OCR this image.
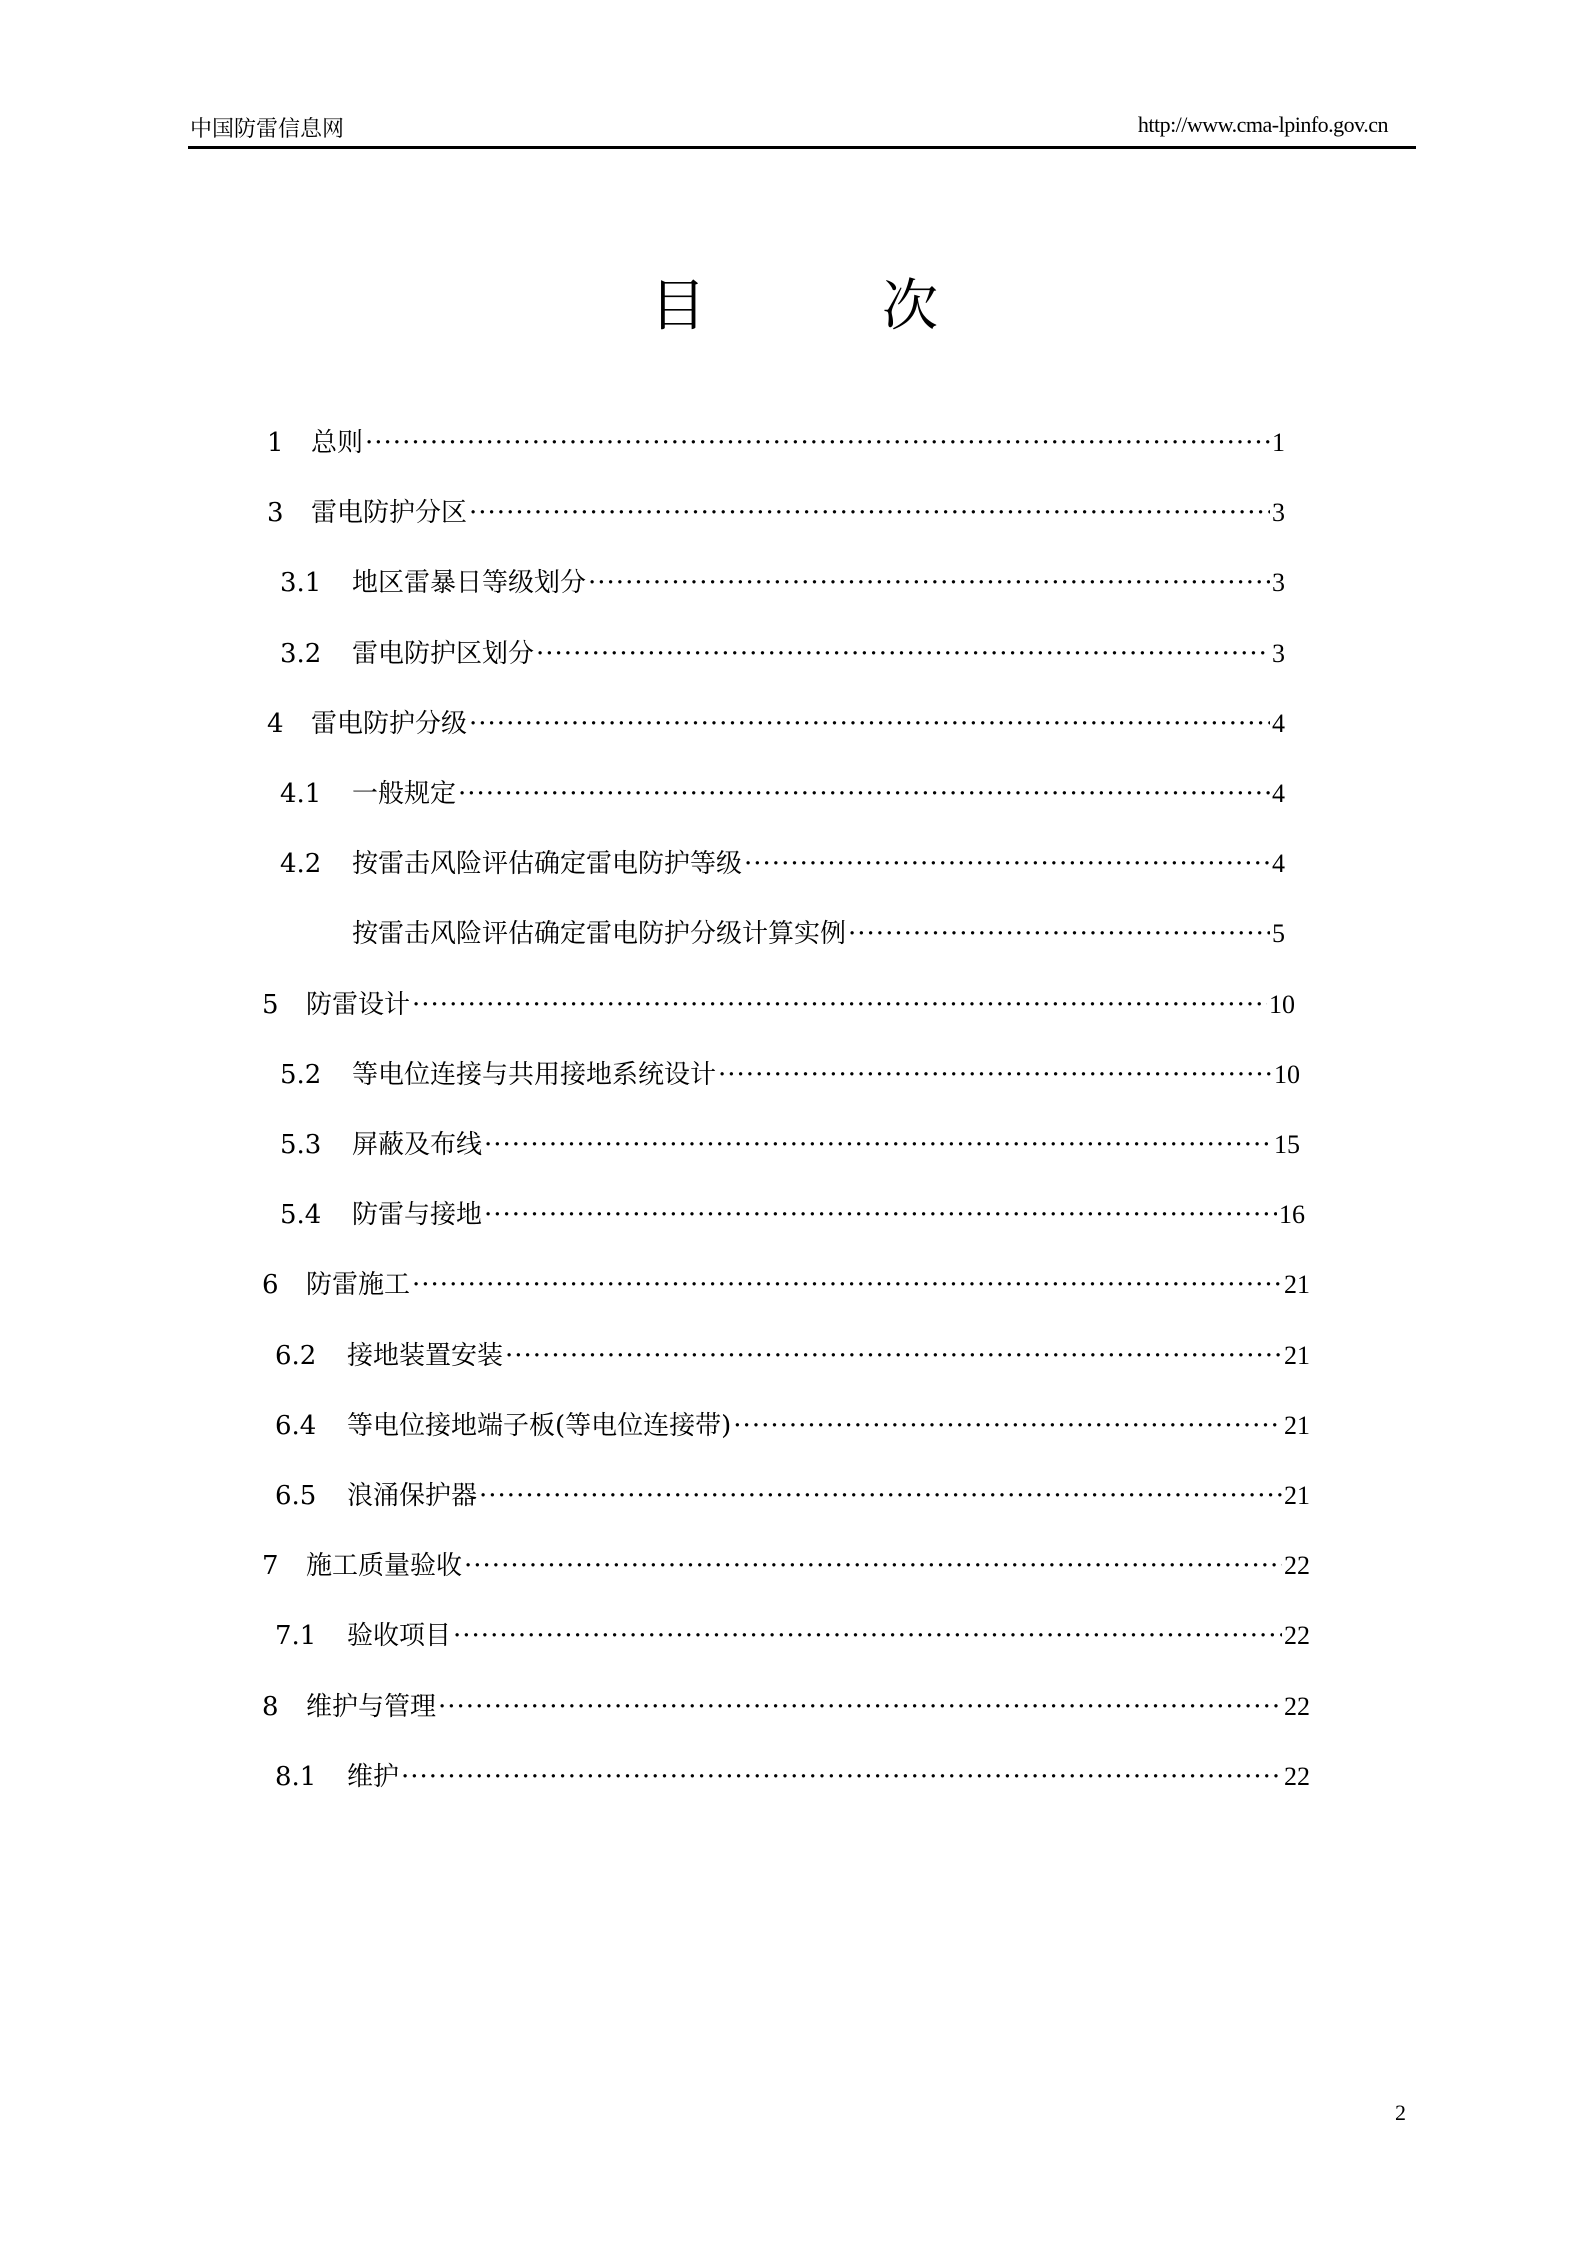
中国防雷信息网	http://www.cma-lpinfo.gov.cn
目	次
1	总则 ·····	1
3	雷电防护分区 ·····	3
3.1	地区雷暴日等级划分 ·····	3
3.2	雷电防护区划分 ·····	3
4	雷电防护分级 ·····	4
4.1	一般规定 ·····	4
4.2	按雷击风险评估确定雷电防护等级 ·····	4
按雷击风险评估确定雷电防护分级计算实例 ·····	5
5	防雷设计 ·····	10
5.2	等电位连接与共用接地系统设计 ·····	10
5.3	屏蔽及布线 ·····	15
5.4	防雷与接地 ·····	16
6	防雷施工 ·····	21
6.2	接地装置安装 ·····	21
6.4	等电位接地端子板(等电位连接带) ·····	21
6.5	浪涌保护器 ·····	21
7	施工质量验收 ·····	22
7.1	验收项目 ·····	22
8	维护与管理 ·····	22
8.1	维护 ·····	22
2
